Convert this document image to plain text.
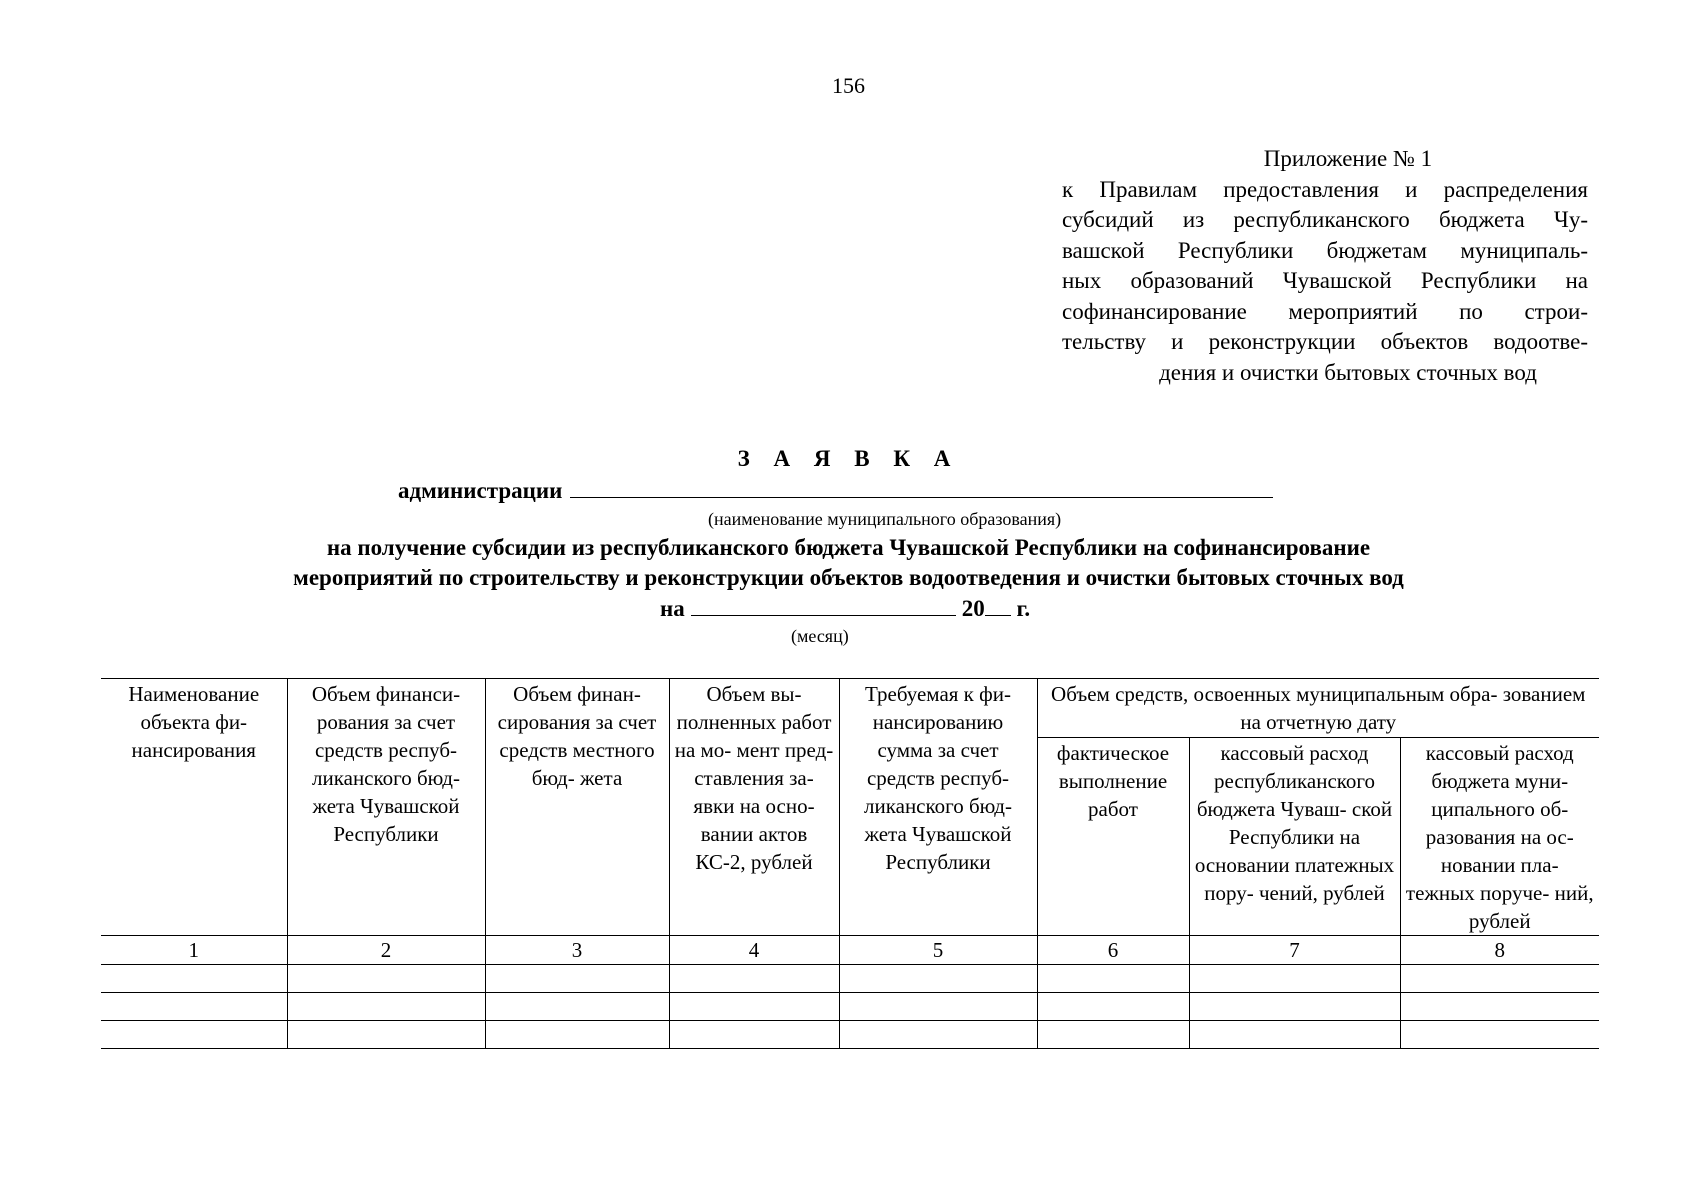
156
Приложение № 1
к Правилам предоставления и распределения
субсидий из республиканского бюджета Чу-
вашской Республики бюджетам муниципаль-
ных образований Чувашской Республики на
софинансирование мероприятий по строи-
тельству и реконструкции объектов водоотве-
дения и очистки бытовых сточных вод
З А Я В К А
администрации
(наименование муниципального образования)
на получение субсидии из республиканского бюджета Чувашской Республики на софинансирование
мероприятий по строительству и реконструкции объектов водоотведения и очистки бытовых сточных вод
на	20 г.
(месяц)
Наименование объекта фи- нансирования	Объем финанси- рования за счет средств респуб- ликанского бюд- жета Чувашской Республики	Объем финан- сирования за счет средств местного бюд- жета	Объем вы- полненных работ на мо- мент пред- ставления за- явки на осно- вании актов КС-2, рублей	Требуемая к фи- нансированию сумма за счет средств респуб- ликанского бюд- жета Чувашской Республики	Объем средств, освоенных муниципальным обра- зованием на отчетную дату		
					фактическое выполнение работ	кассовый расход республиканского бюджета Чуваш- ской Республики на основании платежных пору- чений, рублей	кассовый расход бюджета муни- ципального об- разования на ос- новании пла- тежных поруче- ний, рублей
1	2	3	4	5	6	7	8
